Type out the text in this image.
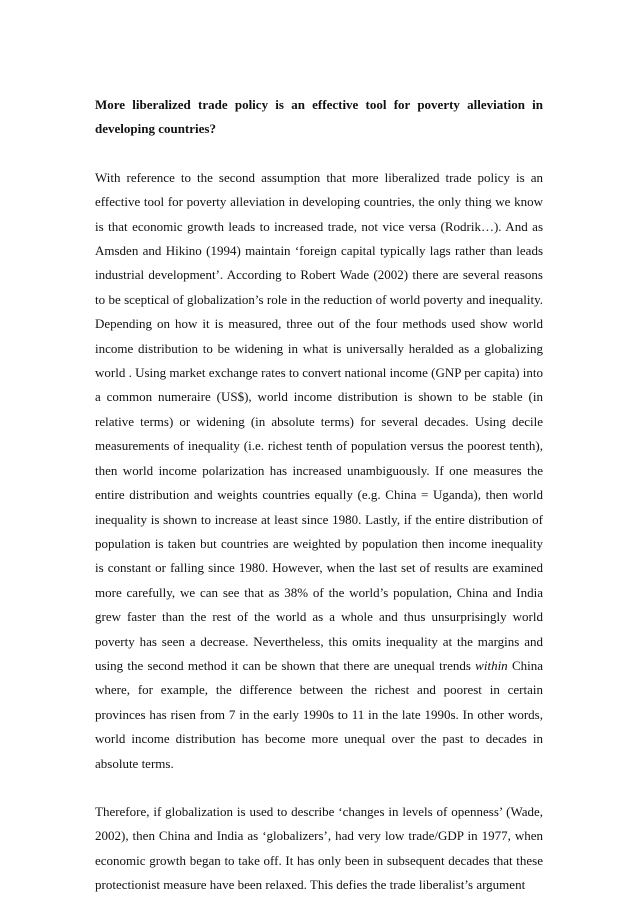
More liberalized trade policy is an effective tool for poverty alleviation in developing countries?

With reference to the second assumption that more liberalized trade policy is an effective tool for poverty alleviation in developing countries, the only thing we know is that economic growth leads to increased trade, not vice versa (Rodrik…). And as Amsden and Hikino (1994) maintain ‘foreign capital typically lags rather than leads industrial development’. According to Robert Wade (2002) there are several reasons to be sceptical of globalization’s role in the reduction of world poverty and inequality. Depending on how it is measured, three out of the four methods used show world income distribution to be widening in what is universally heralded as a globalizing world . Using market exchange rates to convert national income (GNP per capita) into a common numeraire (US$), world income distribution is shown to be stable (in relative terms) or widening (in absolute terms) for several decades. Using decile measurements of inequality (i.e. richest tenth of population versus the poorest tenth), then world income polarization has increased unambiguously. If one measures the entire distribution and weights countries equally (e.g. China = Uganda), then world inequality is shown to increase at least since 1980. Lastly, if the entire distribution of population is taken but countries are weighted by population then income inequality is constant or falling since 1980. However, when the last set of results are examined more carefully, we can see that as 38% of the world’s population, China and India grew faster than the rest of the world as a whole and thus unsurprisingly world poverty has seen a decrease. Nevertheless, this omits inequality at the margins and using the second method it can be shown that there are unequal trends within China where, for example, the difference between the richest and poorest in certain provinces has risen from 7 in the early 1990s to 11 in the late 1990s. In other words, world income distribution has become more unequal over the past to decades in absolute terms.

Therefore, if globalization is used to describe ‘changes in levels of openness’ (Wade, 2002), then China and India as ‘globalizers’, had very low trade/GDP in 1977, when economic growth began to take off. It has only been in subsequent decades that these protectionist measure have been relaxed. This defies the trade liberalist’s argument
